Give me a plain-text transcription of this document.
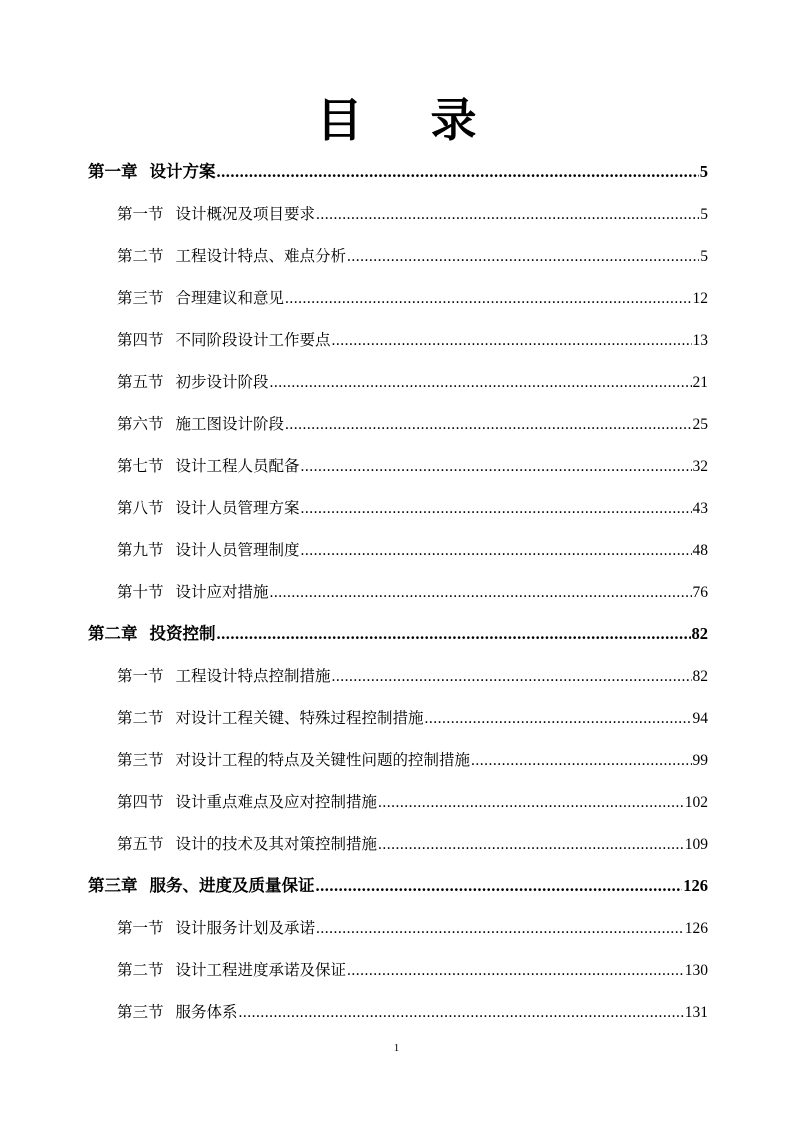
目 录
第一章 设计方案 .....	5
第一节 设计概况及项目要求 .....	5
第二节 工程设计特点、难点分析 .....	5
第三节 合理建议和意见 .....	12
第四节 不同阶段设计工作要点 .....	13
第五节 初步设计阶段 .....	21
第六节 施工图设计阶段 .....	25
第七节 设计工程人员配备 .....	32
第八节 设计人员管理方案 .....	43
第九节 设计人员管理制度 .....	48
第十节 设计应对措施 .....	76
第二章 投资控制 .....	82
第一节 工程设计特点控制措施 .....	82
第二节 对设计工程关键、特殊过程控制措施 .....	94
第三节 对设计工程的特点及关键性问题的控制措施 .....	99
第四节 设计重点难点及应对控制措施 .....	102
第五节 设计的技术及其对策控制措施 .....	109
第三章 服务、进度及质量保证 .....	126
第一节 设计服务计划及承诺 .....	126
第二节 设计工程进度承诺及保证 .....	130
第三节 服务体系 .....	131
1
